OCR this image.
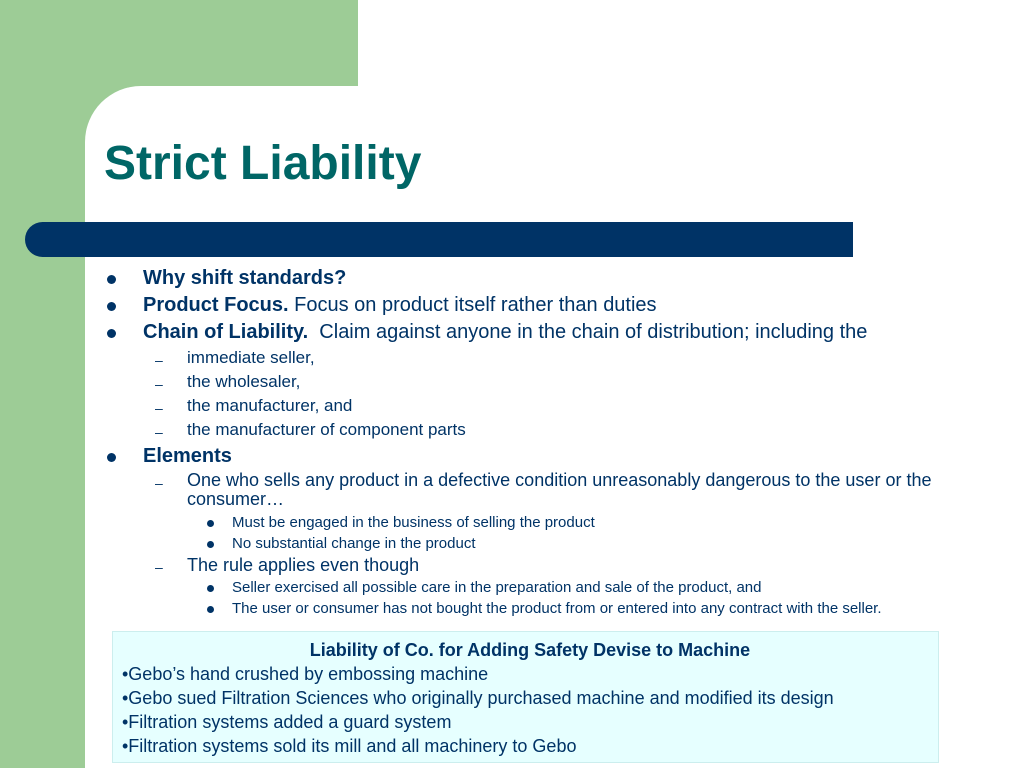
Strict Liability
Why shift standards?
Product Focus. Focus on product itself rather than duties
Chain of Liability.  Claim against anyone in the chain of distribution; including the
– immediate seller,
– the wholesaler,
– the manufacturer, and
– the manufacturer of component parts
Elements
– One who sells any product in a defective condition unreasonably dangerous to the user or the consumer…
Must be engaged in the business of selling the product
No substantial change in the product
– The rule applies even though
Seller exercised all possible care in the preparation and sale of the product, and
The user or consumer has not bought the product from or entered into any contract with the seller.
Liability of Co. for Adding Safety Devise to Machine
•Gebo’s hand crushed by embossing machine
•Gebo sued Filtration Sciences who originally purchased machine and modified its design
•Filtration systems added a guard system
•Filtration systems sold its mill and all machinery to Gebo
